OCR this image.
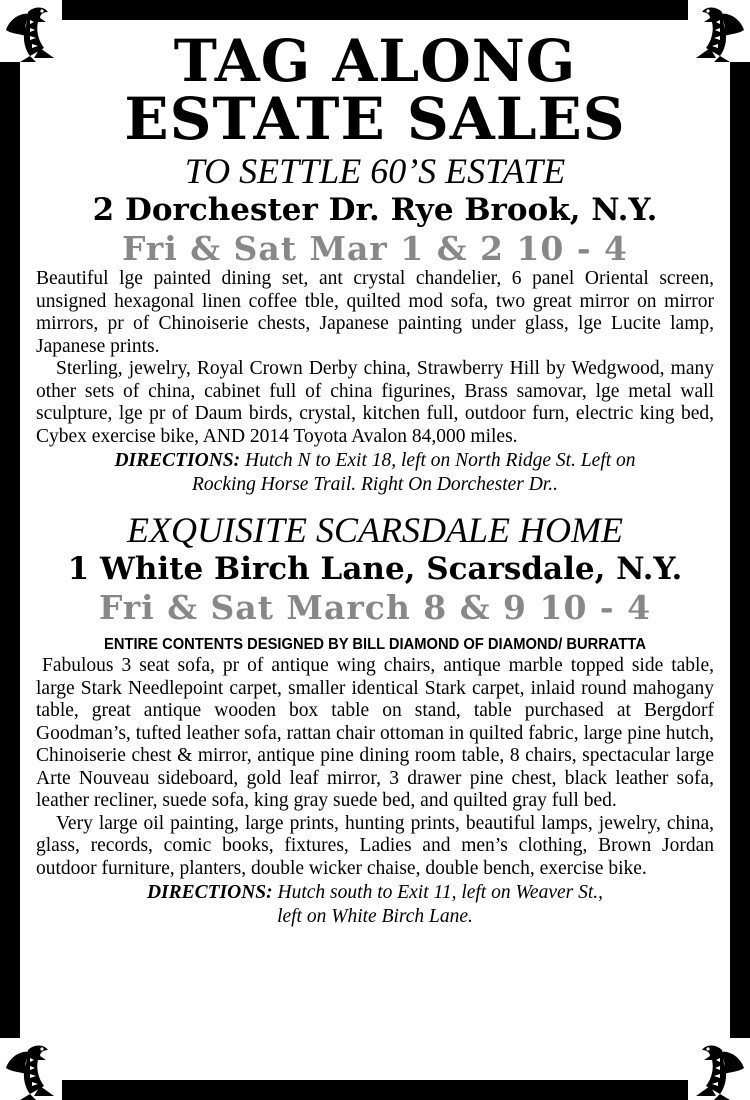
TAG ALONG
ESTATE SALES
TO SETTLE 60’S ESTATE
2 Dorchester Dr. Rye Brook, N.Y.
Fri & Sat Mar 1 & 2 10 - 4

Beautiful lge painted dining set, ant crystal chandelier, 6 panel Oriental screen, unsigned hexagonal linen coffee tble, quilted mod sofa, two great mirror on mirror mirrors, pr of Chinoiserie chests, Japanese painting under glass, lge Lucite lamp, Japanese prints.

Sterling, jewelry, Royal Crown Derby china, Strawberry Hill by Wedgwood, many other sets of china, cabinet full of china figurines, Brass samovar, lge metal wall sculpture, lge pr of Daum birds, crystal, kitchen full, outdoor furn, electric king bed, Cybex exercise bike, AND 2014 Toyota Avalon 84,000 miles.

DIRECTIONS: Hutch N to Exit 18, left on North Ridge St. Left on
Rocking Horse Trail. Right On Dorchester Dr..
EXQUISITE SCARSDALE HOME
1 White Birch Lane, Scarsdale, N.Y.
Fri & Sat March 8 & 9 10 - 4
ENTIRE CONTENTS DESIGNED BY BILL DIAMOND OF DIAMOND/ BURRATTA

Fabulous 3 seat sofa, pr of antique wing chairs, antique marble topped side table, large Stark Needlepoint carpet, smaller identical Stark carpet, inlaid round mahogany table, great antique wooden box table on stand, table purchased at Bergdorf Goodman’s, tufted leather sofa, rattan chair ottoman in quilted fabric, large pine hutch, Chinoiserie chest & mirror, antique pine dining room table, 8 chairs, spectacular large Arte Nouveau sideboard, gold leaf mirror, 3 drawer pine chest, black leather sofa, leather recliner, suede sofa, king gray suede bed, and quilted gray full bed.

Very large oil painting, large prints, hunting prints, beautiful lamps, jewelry, china, glass, records, comic books, fixtures, Ladies and men’s clothing, Brown Jordan outdoor furniture, planters, double wicker chaise, double bench, exercise bike.

DIRECTIONS: Hutch south to Exit 11, left on Weaver St.,
left on White Birch Lane.
